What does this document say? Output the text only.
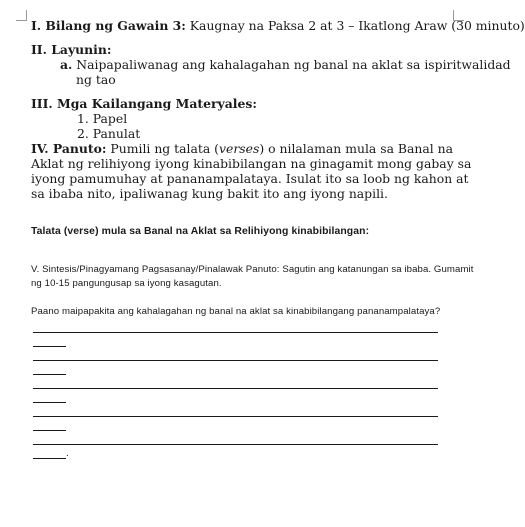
I. Bilang ng Gawain 3: Kaugnay na Paksa 2 at 3 – Ikatlong Araw (30 minuto)
II. Layunin:
a. Naipapaliwanag ang kahalagahan ng banal na aklat sa ispiritwalidad
ng tao
III. Mga Kailangang Materyales:
1. Papel
2. Panulat
IV. Panuto: Pumili ng talata (verses) o nilalaman mula sa Banal na
Aklat ng relihiyong iyong kinabibilangan na ginagamit mong gabay sa
iyong pamumuhay at pananampalataya. Isulat ito sa loob ng kahon at
sa ibaba nito, ipaliwanag kung bakit ito ang iyong napili.
Talata (verse) mula sa Banal na Aklat sa Relihiyong kinabibilangan:
V. Sintesis/Pinagyamang Pagsasanay/Pinalawak Panuto: Sagutin ang katanungan sa ibaba. Gumamit
ng 10-15 pangungusap sa iyong kasagutan.
Paano maipapakita ang kahalagahan ng banal na aklat sa kinabibilangang pananampalataya?
.
